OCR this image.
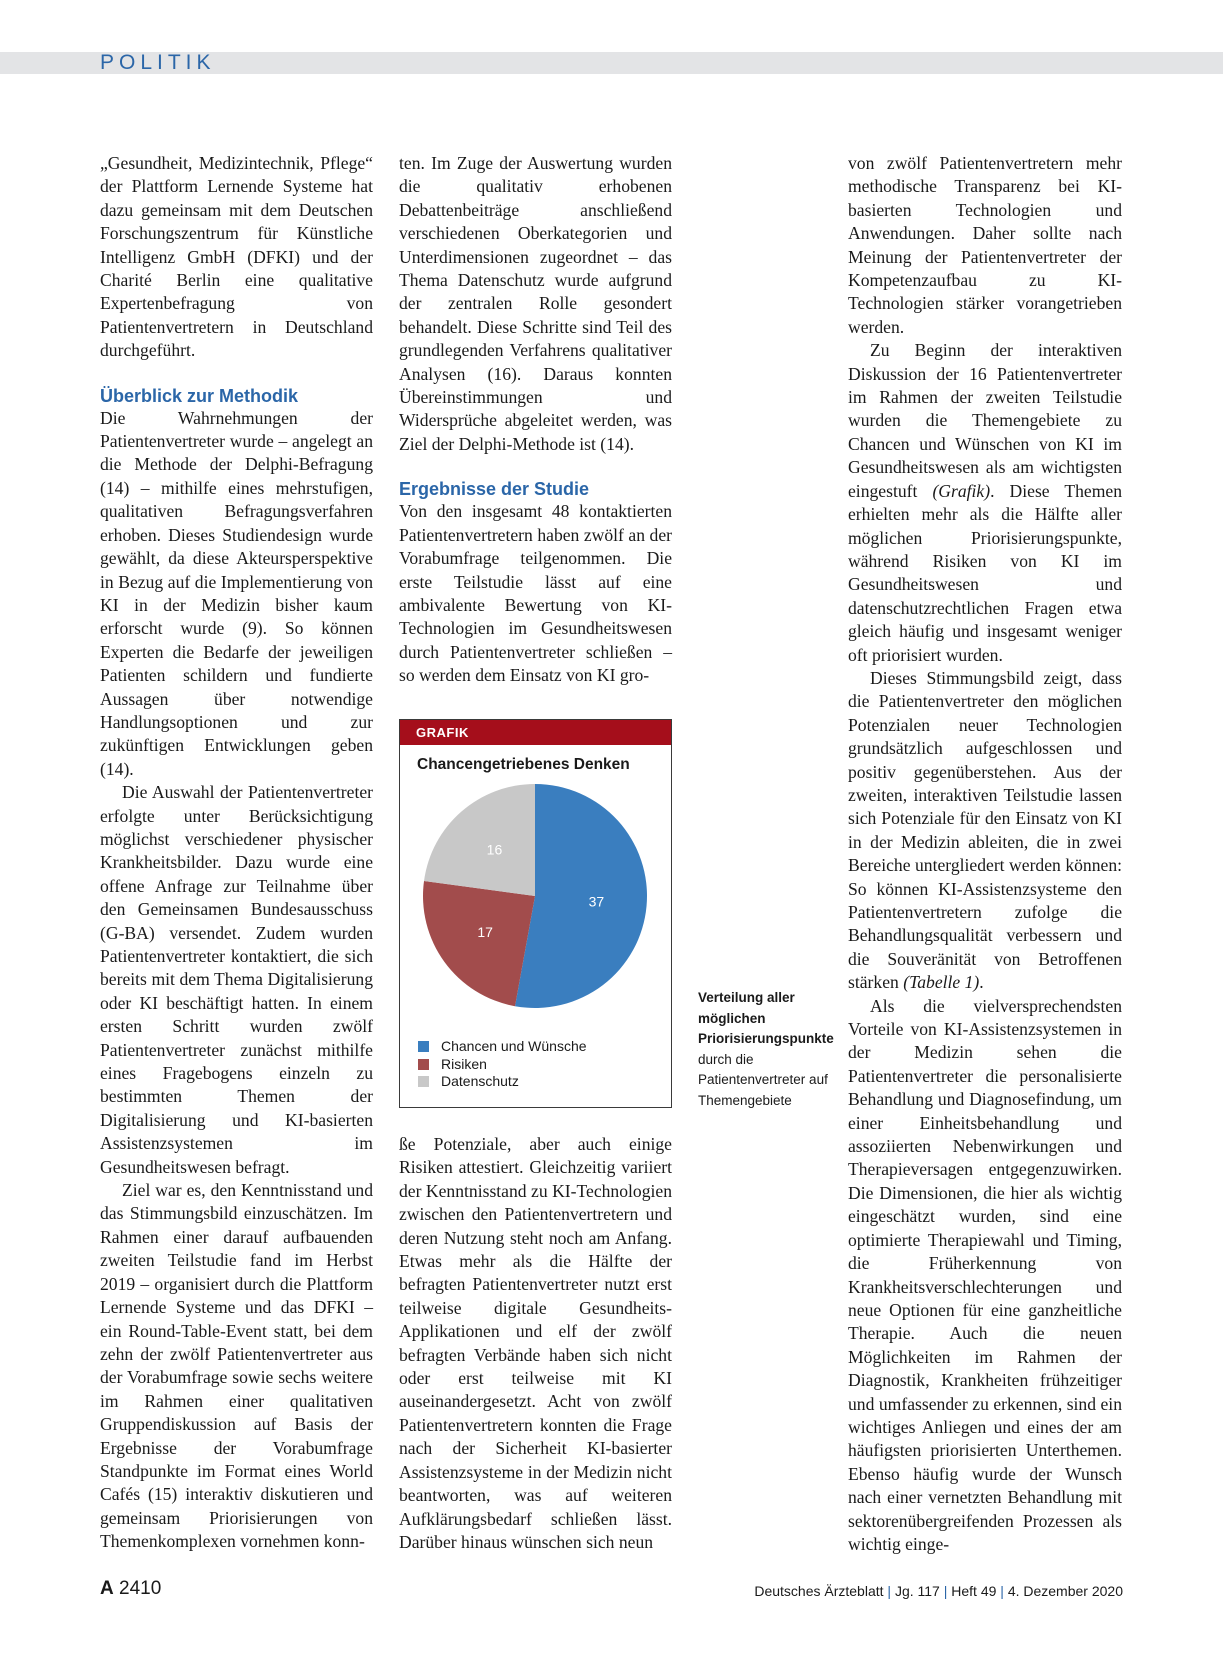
POLITIK

„Gesundheit, Medizintechnik, Pflege“ der Plattform Lernende Systeme hat dazu gemeinsam mit dem Deutschen Forschungszentrum für Künstliche Intelligenz GmbH (DFKI) und der Charité Berlin eine qualitative Expertenbefragung von Patientenvertretern in Deutschland durchgeführt.

Überblick zur Methodik

Die Wahrnehmungen der Patientenvertreter wurde – angelegt an die Methode der Delphi-Befragung (14) – mithilfe eines mehrstufigen, qualitativen Befragungsverfahren erhoben. Dieses Studiendesign wurde gewählt, da diese Akteursperspektive in Bezug auf die Implementierung von KI in der Medizin bisher kaum erforscht wurde (9). So können Experten die Bedarfe der jeweiligen Patienten schildern und fundierte Aussagen über notwendige Handlungsoptionen und zur zukünftigen Entwicklungen geben (14).

Die Auswahl der Patientenvertreter erfolgte unter Berücksichtigung möglichst verschiedener physischer Krankheitsbilder. Dazu wurde eine offene Anfrage zur Teilnahme über den Gemeinsamen Bundesausschuss (G-BA) versendet. Zudem wurden Patientenvertreter kontaktiert, die sich bereits mit dem Thema Digitalisierung oder KI beschäftigt hatten. In einem ersten Schritt wurden zwölf Patientenvertreter zunächst mithilfe eines Fragebogens einzeln zu bestimmten Themen der Digitalisierung und KI-basierten Assistenzsystemen im Gesundheitswesen befragt.

Ziel war es, den Kenntnisstand und das Stimmungsbild einzuschätzen. Im Rahmen einer darauf aufbauenden zweiten Teilstudie fand im Herbst 2019 – organisiert durch die Plattform Lernende Systeme und das DFKI – ein Round-Table-Event statt, bei dem zehn der zwölf Patientenvertreter aus der Vorabumfrage sowie sechs weitere im Rahmen einer qualitativen Gruppendiskussion auf Basis der Ergebnisse der Vorabumfrage Standpunkte im Format eines World Cafés (15) interaktiv diskutieren und gemeinsam Priorisierungen von Themenkomplexen vornehmen konn-

ten. Im Zuge der Auswertung wurden die qualitativ erhobenen Debattenbeiträge anschließend verschiedenen Oberkategorien und Unterdimensionen zugeordnet – das Thema Datenschutz wurde aufgrund der zentralen Rolle gesondert behandelt. Diese Schritte sind Teil des grundlegenden Verfahrens qualitativer Analysen (16). Daraus konnten Übereinstimmungen und Widersprüche abgeleitet werden, was Ziel der Delphi-Methode ist (14).

Ergebnisse der Studie

Von den insgesamt 48 kontaktierten Patientenvertretern haben zwölf an der Vorabumfrage teilgenommen. Die erste Teilstudie lässt auf eine ambivalente Bewertung von KI-Technologien im Gesundheitswesen durch Patientenvertreter schließen – so werden dem Einsatz von KI gro-

GRAFIK
Chancengetriebenes Denken
37
17
16
Chancen und Wünsche
Risiken
Datenschutz
Verteilung aller möglichen Priorisierungspunkte durch die Patientenvertreter auf Themengebiete

ße Potenziale, aber auch einige Risiken attestiert. Gleichzeitig variiert der Kenntnisstand zu KI-Technologien zwischen den Patientenvertretern und deren Nutzung steht noch am Anfang. Etwas mehr als die Hälfte der befragten Patientenvertreter nutzt erst teilweise digitale Gesundheits-Applikationen und elf der zwölf befragten Verbände haben sich nicht oder erst teilweise mit KI auseinandergesetzt. Acht von zwölf Patientenvertretern konnten die Frage nach der Sicherheit KI-basierter Assistenzsysteme in der Medizin nicht beantworten, was auf weiteren Aufklärungsbedarf schließen lässt. Darüber hinaus wünschen sich neun

von zwölf Patientenvertretern mehr methodische Transparenz bei KI-basierten Technologien und Anwendungen. Daher sollte nach Meinung der Patientenvertreter der Kompetenzaufbau zu KI-Technologien stärker vorangetrieben werden.

Zu Beginn der interaktiven Diskussion der 16 Patientenvertreter im Rahmen der zweiten Teilstudie wurden die Themengebiete zu Chancen und Wünschen von KI im Gesundheitswesen als am wichtigsten eingestuft (Grafik). Diese Themen erhielten mehr als die Hälfte aller möglichen Priorisierungspunkte, während Risiken von KI im Gesundheitswesen und datenschutzrechtlichen Fragen etwa gleich häufig und insgesamt weniger oft priorisiert wurden.

Dieses Stimmungsbild zeigt, dass die Patientenvertreter den möglichen Potenzialen neuer Technologien grundsätzlich aufgeschlossen und positiv gegenüberstehen. Aus der zweiten, interaktiven Teilstudie lassen sich Potenziale für den Einsatz von KI in der Medizin ableiten, die in zwei Bereiche untergliedert werden können: So können KI-Assistenzsysteme den Patientenvertretern zufolge die Behandlungsqualität verbessern und die Souveränität von Betroffenen stärken (Tabelle 1).

Als die vielversprechendsten Vorteile von KI-Assistenzsystemen in der Medizin sehen die Patientenvertreter die personalisierte Behandlung und Diagnosefindung, um einer Einheitsbehandlung und assoziierten Nebenwirkungen und Therapieversagen entgegenzuwirken. Die Dimensionen, die hier als wichtig eingeschätzt wurden, sind eine optimierte Therapiewahl und Timing, die Früherkennung von Krankheitsverschlechterungen und neue Optionen für eine ganzheitliche Therapie. Auch die neuen Möglichkeiten im Rahmen der Diagnostik, Krankheiten frühzeitiger und umfassender zu erkennen, sind ein wichtiges Anliegen und eines der am häufigsten priorisierten Unterthemen. Ebenso häufig wurde der Wunsch nach einer vernetzten Behandlung mit sektorenübergreifenden Prozessen als wichtig einge-

A 2410	Deutsches Ärzteblatt | Jg. 117 | Heft 49 | 4. Dezember 2020
